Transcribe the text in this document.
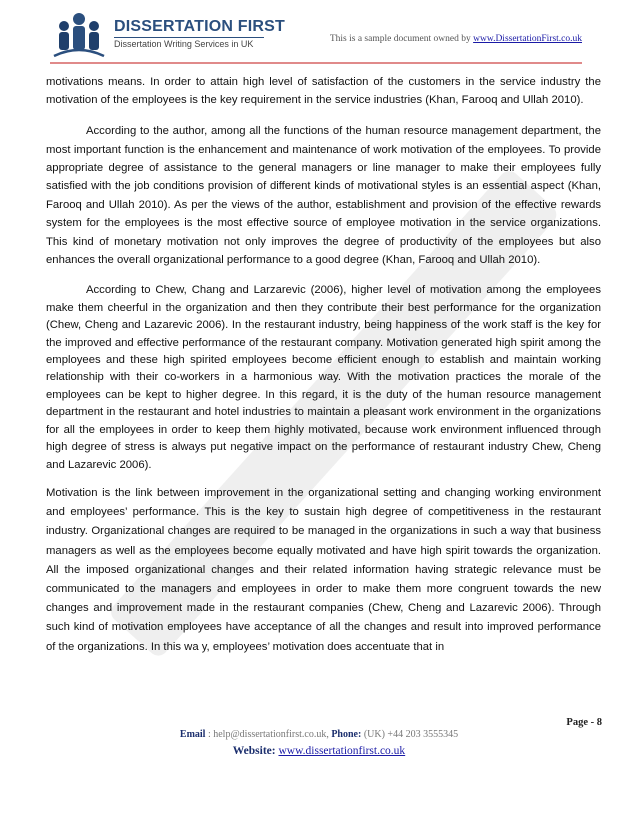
DISSERTATION FIRST
Dissertation Writing Services in UK	This is a sample document owned by www.DissertationFirst.co.uk

motivations means. In order to attain high level of satisfaction of the customers in the service industry the motivation of the employees is the key requirement in the service industries (Khan, Farooq and Ullah 2010).

According to the author, among all the functions of the human resource management department, the most important function is the enhancement and maintenance of work motivation of the employees. To provide appropriate degree of assistance to the general managers or line manager to make their employees fully satisfied with the job conditions provision of different kinds of motivational styles is an essential aspect (Khan, Farooq and Ullah 2010). As per the views of the author, establishment and provision of the effective rewards system for the employees is the most effective source of employee motivation in the service organizations. This kind of monetary motivation not only improves the degree of productivity of the employees but also enhances the overall organizational performance to a good degree (Khan, Farooq and Ullah 2010).

According to Chew, Chang and Larzarevic (2006), higher level of motivation among the employees make them cheerful in the organization and then they contribute their best performance for the organization (Chew, Cheng and Lazarevic 2006). In the restaurant industry, being happiness of the work staff is the key for the improved and effective performance of the restaurant company. Motivation generated high spirit among the employees and these high spirited employees become efficient enough to establish and maintain working relationship with their co-workers in a harmonious way. With the motivation practices the morale of the employees can be kept to higher degree. In this regard, it is the duty of the human resource management department in the restaurant and hotel industries to maintain a pleasant work environment in the organizations for all the employees in order to keep them highly motivated, because work environment influenced through high degree of stress is always put negative impact on the performance of restaurant industry Chew, Cheng and Lazarevic 2006).

Motivation is the link between improvement in the organizational setting and changing working environment and employees’ performance. This is the key to sustain high degree of competitiveness in the restaurant industry. Organizational changes are required to be managed in the organizations in such a way that business managers as well as the employees become equally motivated and have high spirit towards the organization. All the imposed organizational changes and their related information having strategic relevance must be communicated to the managers and employees in order to make them more congruent towards the new changes and improvement made in the restaurant companies (Chew, Cheng and Lazarevic 2006). Through such kind of motivation employees have acceptance of all the changes and result into improved performance of the organizations. In this wa y, employees’ motivation does accentuate that in

Page - 8
Email : help@dissertationfirst.co.uk, Phone: (UK) +44 203 3555345
Website: www.dissertationfirst.co.uk
